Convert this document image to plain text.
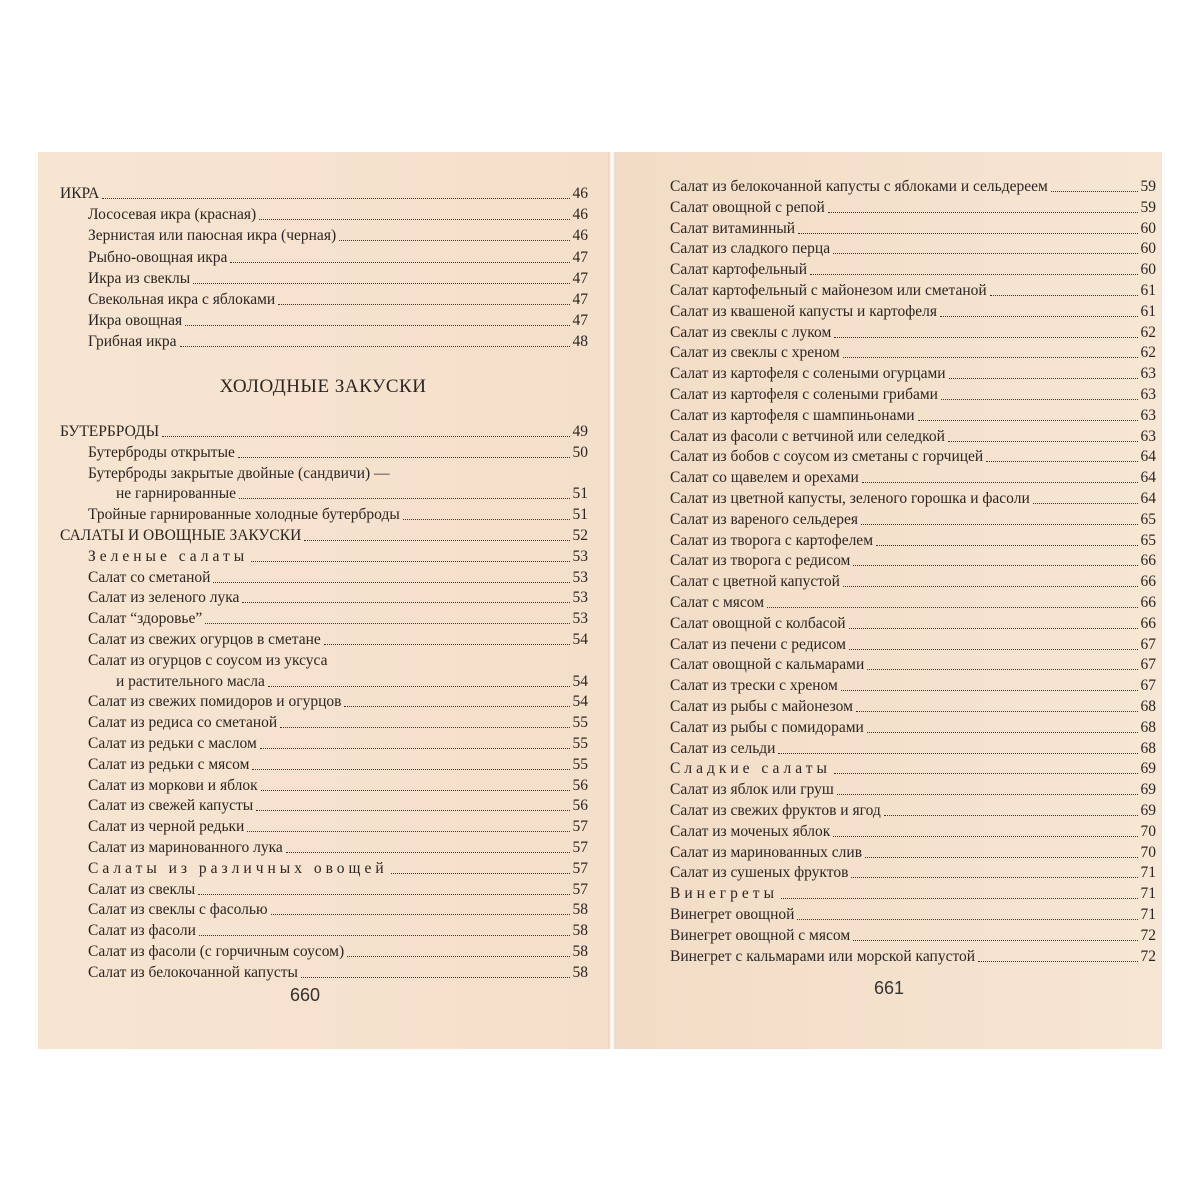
ИКРА	46
Лососевая икра (красная)	46
Зернистая или паюсная икра (черная)	46
Рыбно-овощная икра	47
Икра из свеклы	47
Свекольная икра с яблоками	47
Икра овощная	47
Грибная икра	48
ХОЛОДНЫЕ ЗАКУСКИ
БУТЕРБРОДЫ	49
Бутерброды открытые	50
Бутерброды закрытые двойные (сандвичи) —
не гарнированные	51
Тройные гарнированные холодные бутерброды	51
САЛАТЫ И ОВОЩНЫЕ ЗАКУСКИ	52
Зеленые салаты	53
Салат со сметаной	53
Салат из зеленого лука	53
Салат “здоровье”	53
Салат из свежих огурцов в сметане	54
Салат из огурцов с соусом из уксуса
и растительного масла	54
Салат из свежих помидоров и огурцов	54
Салат из редиса со сметаной	55
Салат из редьки с маслом	55
Салат из редьки с мясом	55
Салат из моркови и яблок	56
Салат из свежей капусты	56
Салат из черной редьки	57
Салат из маринованного лука	57
Салаты из различных овощей	57
Салат из свеклы	57
Салат из свеклы с фасолью	58
Салат из фасоли	58
Салат из фасоли (с горчичным соусом)	58
Салат из белокочанной капусты	58
660
Салат из белокочанной капусты с яблоками и сельдереем	59
Салат овощной с репой	59
Салат витаминный	60
Салат из сладкого перца	60
Салат картофельный	60
Салат картофельный с майонезом или сметаной	61
Салат из квашеной капусты и картофеля	61
Салат из свеклы с луком	62
Салат из свеклы с хреном	62
Салат из картофеля с солеными огурцами	63
Салат из картофеля с солеными грибами	63
Салат из картофеля с шампиньонами	63
Салат из фасоли с ветчиной или селедкой	63
Салат из бобов с соусом из сметаны с горчицей	64
Салат со щавелем и орехами	64
Салат из цветной капусты, зеленого горошка и фасоли	64
Салат из вареного сельдерея	65
Салат из творога с картофелем	65
Салат из творога с редисом	66
Салат с цветной капустой	66
Салат с мясом	66
Салат овощной с колбасой	66
Салат из печени с редисом	67
Салат овощной с кальмарами	67
Салат из трески с хреном	67
Салат из рыбы с майонезом	68
Салат из рыбы с помидорами	68
Салат из сельди	68
Сладкие салаты	69
Салат из яблок или груш	69
Салат из свежих фруктов и ягод	69
Салат из моченых яблок	70
Салат из маринованных слив	70
Салат из сушеных фруктов	71
Винегреты	71
Винегрет овощной	71
Винегрет овощной с мясом	72
Винегрет с кальмарами или морской капустой	72
661
